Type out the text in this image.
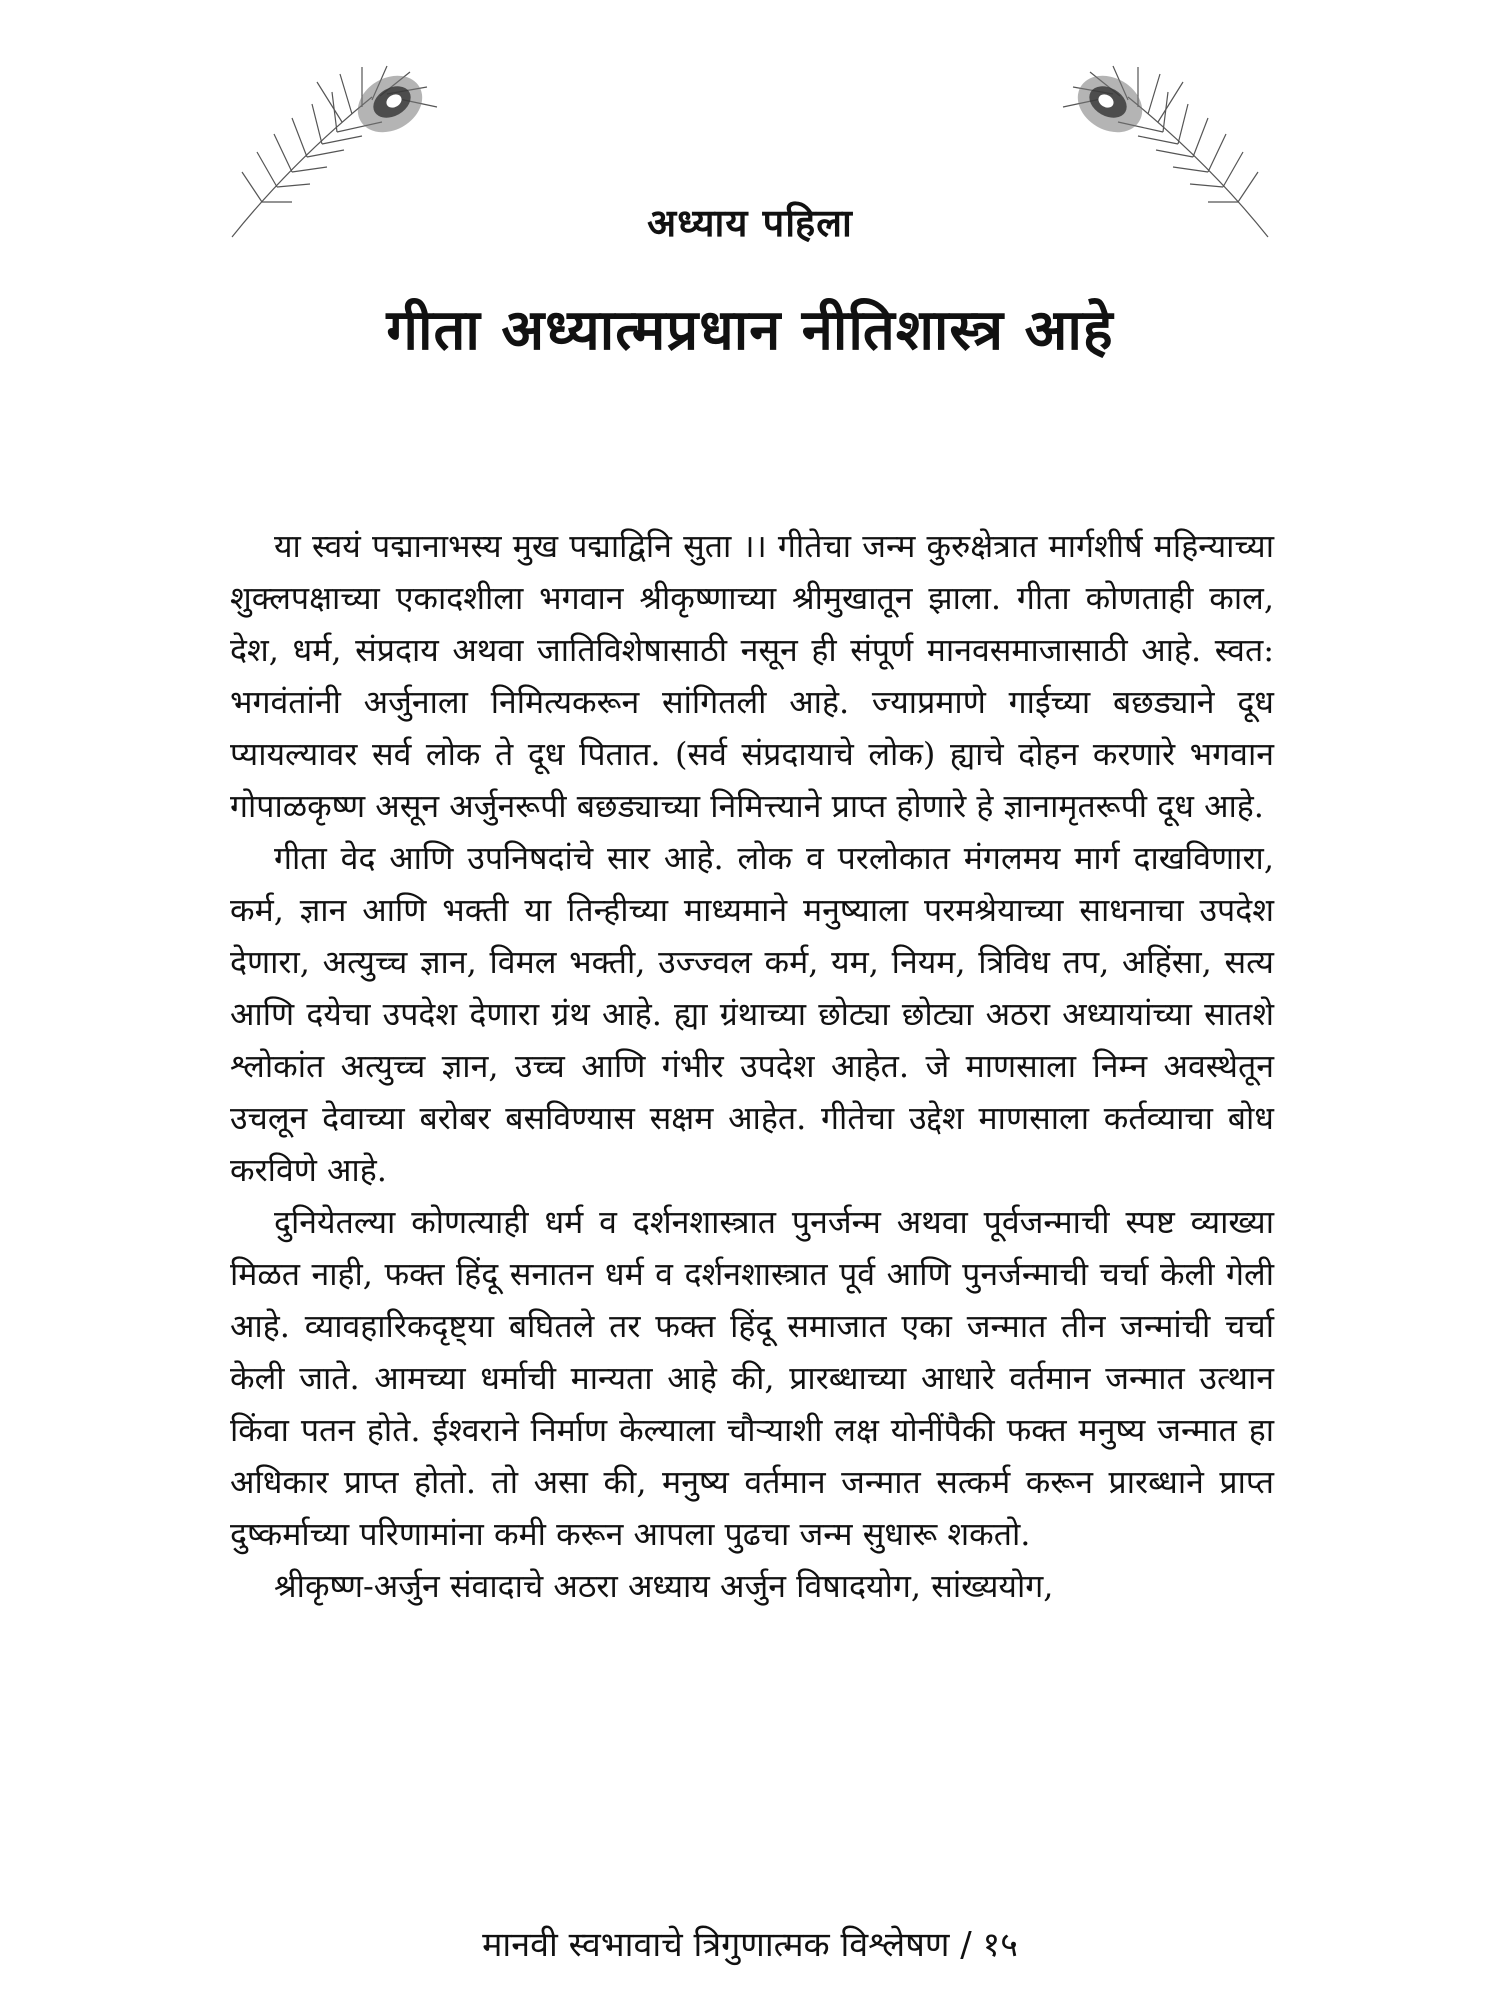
अध्याय पहिला
गीता अध्यात्मप्रधान नीतिशास्त्र आहे

या स्वयं पद्मानाभस्य मुख पद्माद्विनि सुता ।। गीतेचा जन्म कुरुक्षेत्रात मार्गशीर्ष महिन्याच्या शुक्लपक्षाच्या एकादशीला भगवान श्रीकृष्णाच्या श्रीमुखातून झाला. गीता कोणताही काल, देश, धर्म, संप्रदाय अथवा जातिविशेषासाठी नसून ही संपूर्ण मानवसमाजासाठी आहे. स्वत: भगवंतांनी अर्जुनाला निमित्यकरून सांगितली आहे. ज्याप्रमाणे गाईच्या बछड्याने दूध प्यायल्यावर सर्व लोक ते दूध पितात. (सर्व संप्रदायाचे लोक) ह्याचे दोहन करणारे भगवान गोपाळकृष्ण असून अर्जुनरूपी बछड्याच्या निमित्त्याने प्राप्त होणारे हे ज्ञानामृतरूपी दूध आहे.

गीता वेद आणि उपनिषदांचे सार आहे. लोक व परलोकात मंगलमय मार्ग दाखविणारा, कर्म, ज्ञान आणि भक्ती या तिन्हीच्या माध्यमाने मनुष्याला परमश्रेयाच्या साधनाचा उपदेश देणारा, अत्युच्च ज्ञान, विमल भक्ती, उज्ज्वल कर्म, यम, नियम, त्रिविध तप, अहिंसा, सत्य आणि दयेचा उपदेश देणारा ग्रंथ आहे. ह्या ग्रंथाच्या छोट्या छोट्या अठरा अध्यायांच्या सातशे श्लोकांत अत्युच्च ज्ञान, उच्च आणि गंभीर उपदेश आहेत. जे माणसाला निम्न अवस्थेतून उचलून देवाच्या बरोबर बसविण्यास सक्षम आहेत. गीतेचा उद्देश माणसाला कर्तव्याचा बोध करविणे आहे.

दुनियेतल्या कोणत्याही धर्म व दर्शनशास्त्रात पुनर्जन्म अथवा पूर्वजन्माची स्पष्ट व्याख्या मिळत नाही, फक्त हिंदू सनातन धर्म व दर्शनशास्त्रात पूर्व आणि पुनर्जन्माची चर्चा केली गेली आहे. व्यावहारिकदृष्ट्या बघितले तर फक्त हिंदू समाजात एका जन्मात तीन जन्मांची चर्चा केली जाते. आमच्या धर्माची मान्यता आहे की, प्रारब्धाच्या आधारे वर्तमान जन्मात उत्थान किंवा पतन होते. ईश्वराने निर्माण केल्याला चौऱ्याशी लक्ष योनींपैकी फक्त मनुष्य जन्मात हा अधिकार प्राप्त होतो. तो असा की, मनुष्य वर्तमान जन्मात सत्कर्म करून प्रारब्धाने प्राप्त दुष्कर्माच्या परिणामांना कमी करून आपला पुढचा जन्म सुधारू शकतो.

श्रीकृष्ण-अर्जुन संवादाचे अठरा अध्याय अर्जुन विषादयोग, सांख्ययोग,

मानवी स्वभावाचे त्रिगुणात्मक विश्लेषण / १५
